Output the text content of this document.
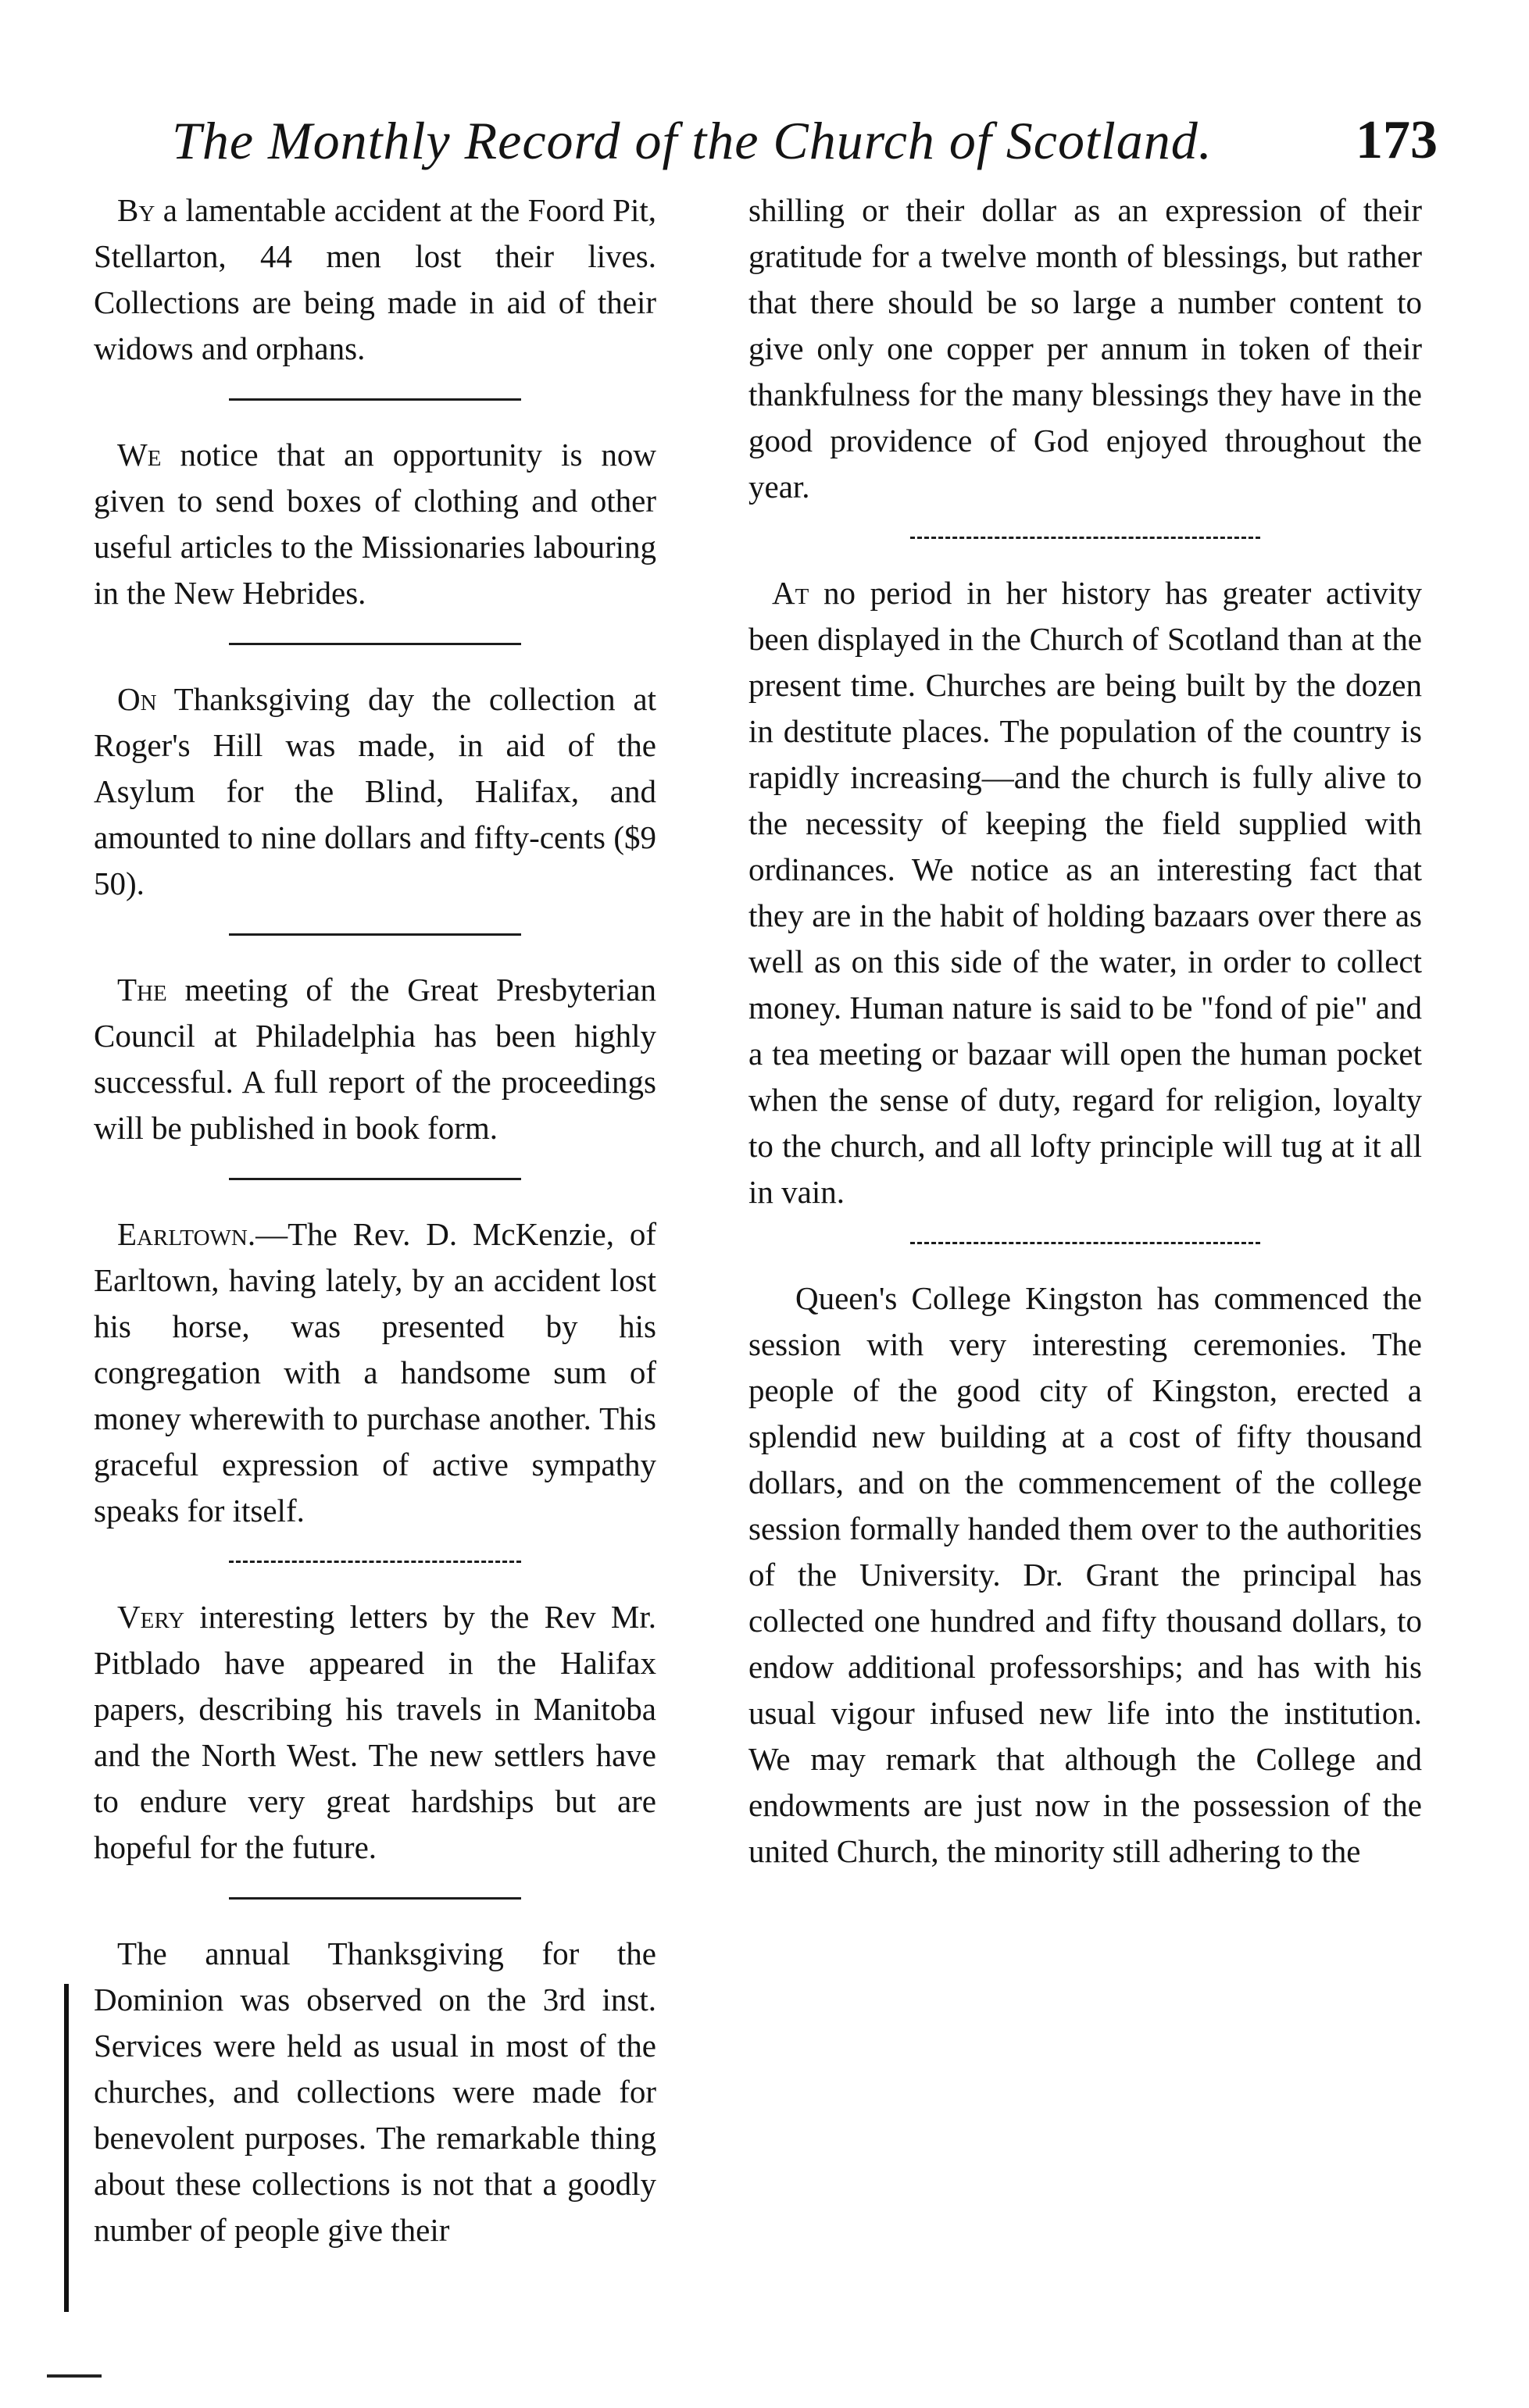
The Monthly Record of the Church of Scotland.	173
By a lamentable accident at the Foord Pit, Stellarton, 44 men lost their lives. Collections are being made in aid of their widows and orphans.
We notice that an opportunity is now given to send boxes of clothing and other useful articles to the Missionaries labouring in the New Hebrides.
On Thanksgiving day the collection at Roger's Hill was made, in aid of the Asylum for the Blind, Halifax, and amounted to nine dollars and fifty-cents ($9 50).
The meeting of the Great Presbyterian Council at Philadelphia has been highly successful. A full report of the proceedings will be published in book form.
Earltown.—The Rev. D. McKenzie, of Earltown, having lately, by an accident lost his horse, was presented by his congregation with a handsome sum of money wherewith to purchase another. This graceful expression of active sympathy speaks for itself.
Very interesting letters by the Rev Mr. Pitblado have appeared in the Halifax papers, describing his travels in Manitoba and the North West. The new settlers have to endure very great hardships but are hopeful for the future.
The annual Thanksgiving for the Dominion was observed on the 3rd inst. Services were held as usual in most of the churches, and collections were made for benevolent purposes. The remarkable thing about these collections is not that a goodly number of people give their
shilling or their dollar as an expression of their gratitude for a twelve month of blessings, but rather that there should be so large a number content to give only one copper per annum in token of their thankfulness for the many blessings they have in the good providence of God enjoyed throughout the year.
At no period in her history has greater activity been displayed in the Church of Scotland than at the present time. Churches are being built by the dozen in destitute places. The population of the country is rapidly increasing—and the church is fully alive to the necessity of keeping the field supplied with ordinances. We notice as an interesting fact that they are in the habit of holding bazaars over there as well as on this side of the water, in order to collect money. Human nature is said to be "fond of pie" and a tea meeting or bazaar will open the human pocket when the sense of duty, regard for religion, loyalty to the church, and all lofty principle will tug at it all in vain.
Queen's College Kingston has commenced the session with very interesting ceremonies. The people of the good city of Kingston, erected a splendid new building at a cost of fifty thousand dollars, and on the commencement of the college session formally handed them over to the authorities of the University. Dr. Grant the principal has collected one hundred and fifty thousand dollars, to endow additional professorships; and has with his usual vigour infused new life into the institution. We may remark that although the College and endowments are just now in the possession of the united Church, the minority still adhering to the
